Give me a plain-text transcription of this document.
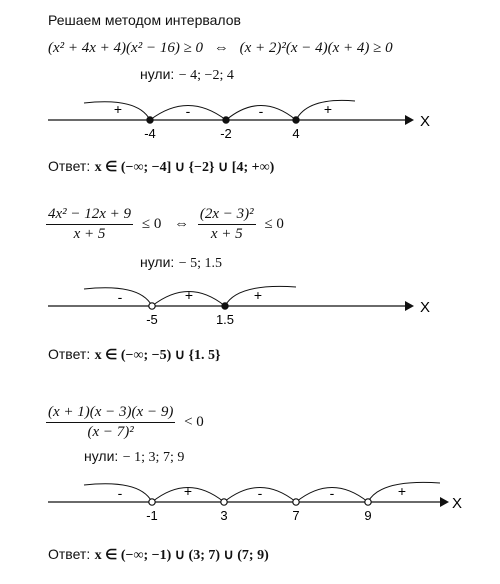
Решаем методом интервалов
(x² + 4x + 4)(x² − 16) ≥ 0 ⇔ (x + 2)²(x − 4)(x + 4) ≥ 0
нули: − 4; −2; 4
X
+	-	-	+
-4	-2	4
Ответ: x ∈ (−∞; −4] ∪ {−2} ∪ [4; +∞)
$\frac{\text{4x² − 12x + 9}}{x + 5} \le 0$ ⇔ $\frac{\text{(2x − 3)²}}{x + 5} \le 0$
нули: − 5; 1.5
X
-	+	+
-5	1.5
Ответ: x ∈ (−∞; −5) ∪ {1. 5}
$\frac{(x + 1)(x - 3)(x - 9)}{\text{(x − 7)²}} < 0$
нули: − 1; 3; 7; 9
X
-	+	-	-	+
-1	3	7	9
Ответ: x ∈ (−∞; −1) ∪ (3; 7) ∪ (7; 9)
